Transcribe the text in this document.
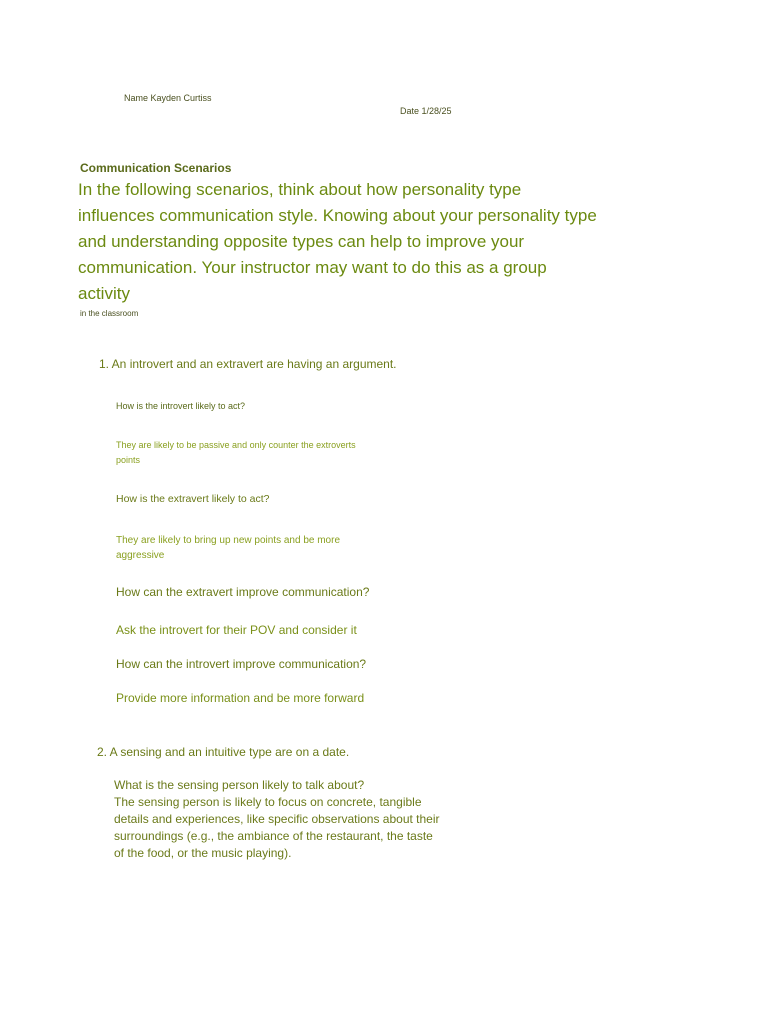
Name Kayden Curtiss
Date 1/28/25
Communication Scenarios
In the following scenarios, think about how personality type influences communication style. Knowing about your personality type and understanding opposite types can help to improve your communication. Your instructor may want to do this as a group activity
in the classroom
1. An introvert and an extravert are having an argument.
How is the introvert likely to act?
They are likely to be passive and only counter the extroverts points
How is the extravert likely to act?
They are likely to bring up new points and be more aggressive
How can the extravert improve communication?
Ask the introvert for their POV and consider it
How can the introvert improve communication?
Provide more information and be more forward
2. A sensing and an intuitive type are on a date.
What is the sensing person likely to talk about?
The sensing person is likely to focus on concrete, tangible details and experiences, like specific observations about their surroundings (e.g., the ambiance of the restaurant, the taste of the food, or the music playing).
